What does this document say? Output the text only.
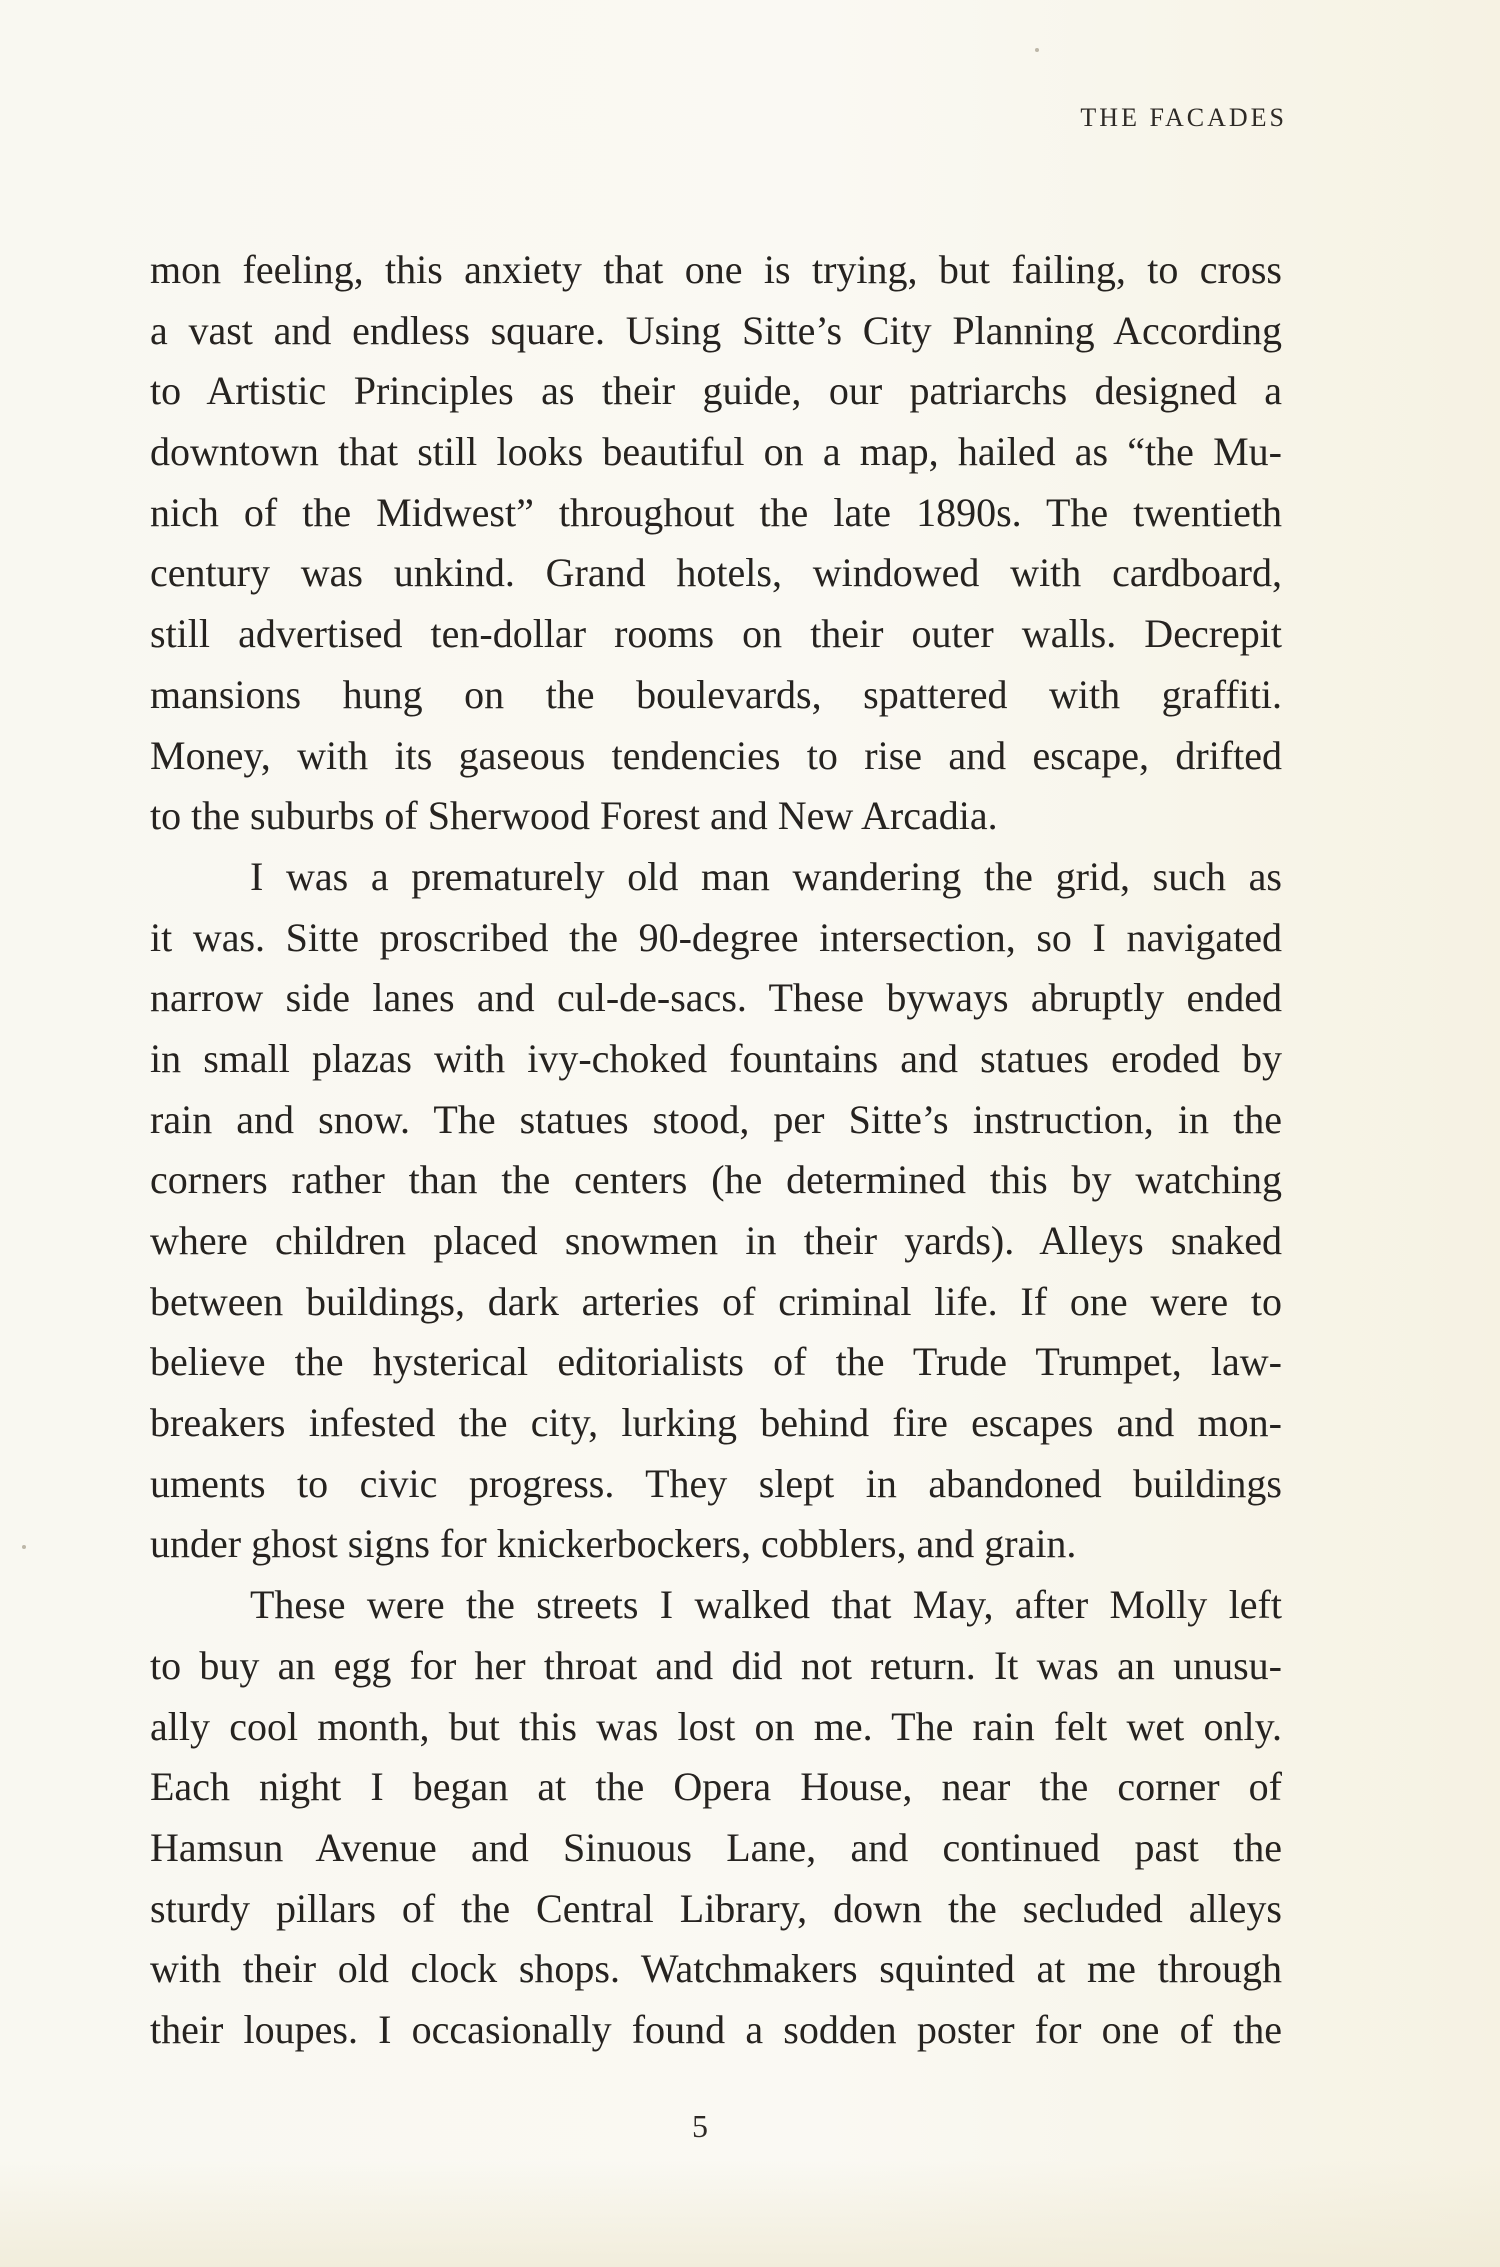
THE FACADES
mon feeling, this anxiety that one is trying, but failing, to cross
a vast and endless square. Using Sitte’s City Planning According
to Artistic Principles as their guide, our patriarchs designed a
downtown that still looks beautiful on a map, hailed as “the Mu-
nich of the Midwest” throughout the late 1890s. The twentieth
century was unkind. Grand hotels, windowed with cardboard,
still advertised ten-dollar rooms on their outer walls. Decrepit
mansions hung on the boulevards, spattered with graffiti.
Money, with its gaseous tendencies to rise and escape, drifted
to the suburbs of Sherwood Forest and New Arcadia.
I was a prematurely old man wandering the grid, such as
it was. Sitte proscribed the 90-degree intersection, so I navigated
narrow side lanes and cul-de-sacs. These byways abruptly ended
in small plazas with ivy-choked fountains and statues eroded by
rain and snow. The statues stood, per Sitte’s instruction, in the
corners rather than the centers (he determined this by watching
where children placed snowmen in their yards). Alleys snaked
between buildings, dark arteries of criminal life. If one were to
believe the hysterical editorialists of the Trude Trumpet, law-
breakers infested the city, lurking behind fire escapes and mon-
uments to civic progress. They slept in abandoned buildings
under ghost signs for knickerbockers, cobblers, and grain.
These were the streets I walked that May, after Molly left
to buy an egg for her throat and did not return. It was an unusu-
ally cool month, but this was lost on me. The rain felt wet only.
Each night I began at the Opera House, near the corner of
Hamsun Avenue and Sinuous Lane, and continued past the
sturdy pillars of the Central Library, down the secluded alleys
with their old clock shops. Watchmakers squinted at me through
their loupes. I occasionally found a sodden poster for one of the
5
